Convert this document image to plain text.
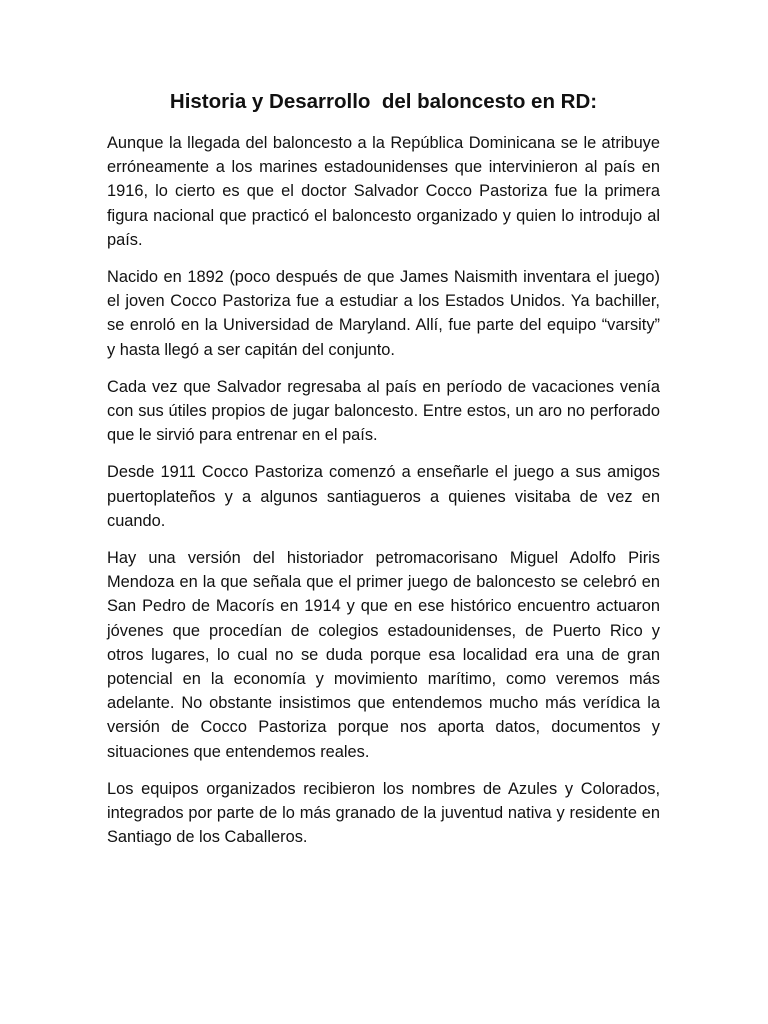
Historia y Desarrollo  del baloncesto en RD:

Aunque la llegada del baloncesto a la República Dominicana se le atribuye erróneamente a los marines estadounidenses que intervinieron al país en 1916, lo cierto es que el doctor Salvador Cocco Pastoriza fue la primera figura nacional que practicó el baloncesto organizado y quien lo introdujo al país.

Nacido en 1892 (poco después de que James Naismith inventara el juego) el joven Cocco Pastoriza fue a estudiar a los Estados Unidos. Ya bachiller, se enroló en la Universidad de Maryland. Allí, fue parte del equipo “varsity” y hasta llegó a ser capitán del conjunto.

Cada vez que Salvador regresaba al país en período de vacaciones venía con sus útiles propios de jugar baloncesto. Entre estos, un aro no perforado que le sirvió para entrenar en el país.

Desde 1911 Cocco Pastoriza comenzó a enseñarle el juego a sus amigos puertoplateños y a algunos santiagueros a quienes visitaba de vez en cuando.

Hay una versión del historiador petromacorisano Miguel Adolfo Piris Mendoza en la que señala que el primer juego de baloncesto se celebró en San Pedro de Macorís en 1914 y que en ese histórico encuentro actuaron jóvenes que procedían de colegios estadounidenses, de Puerto Rico y otros lugares, lo cual no se duda porque esa localidad era una de gran potencial en la economía y movimiento marítimo, como veremos más adelante. No obstante insistimos que entendemos mucho más verídica la versión de Cocco Pastoriza porque nos aporta datos, documentos y situaciones que entendemos reales.

Los equipos organizados recibieron los nombres de Azules y Colorados, integrados por parte de lo más granado de la juventud nativa y residente en Santiago de los Caballeros.
